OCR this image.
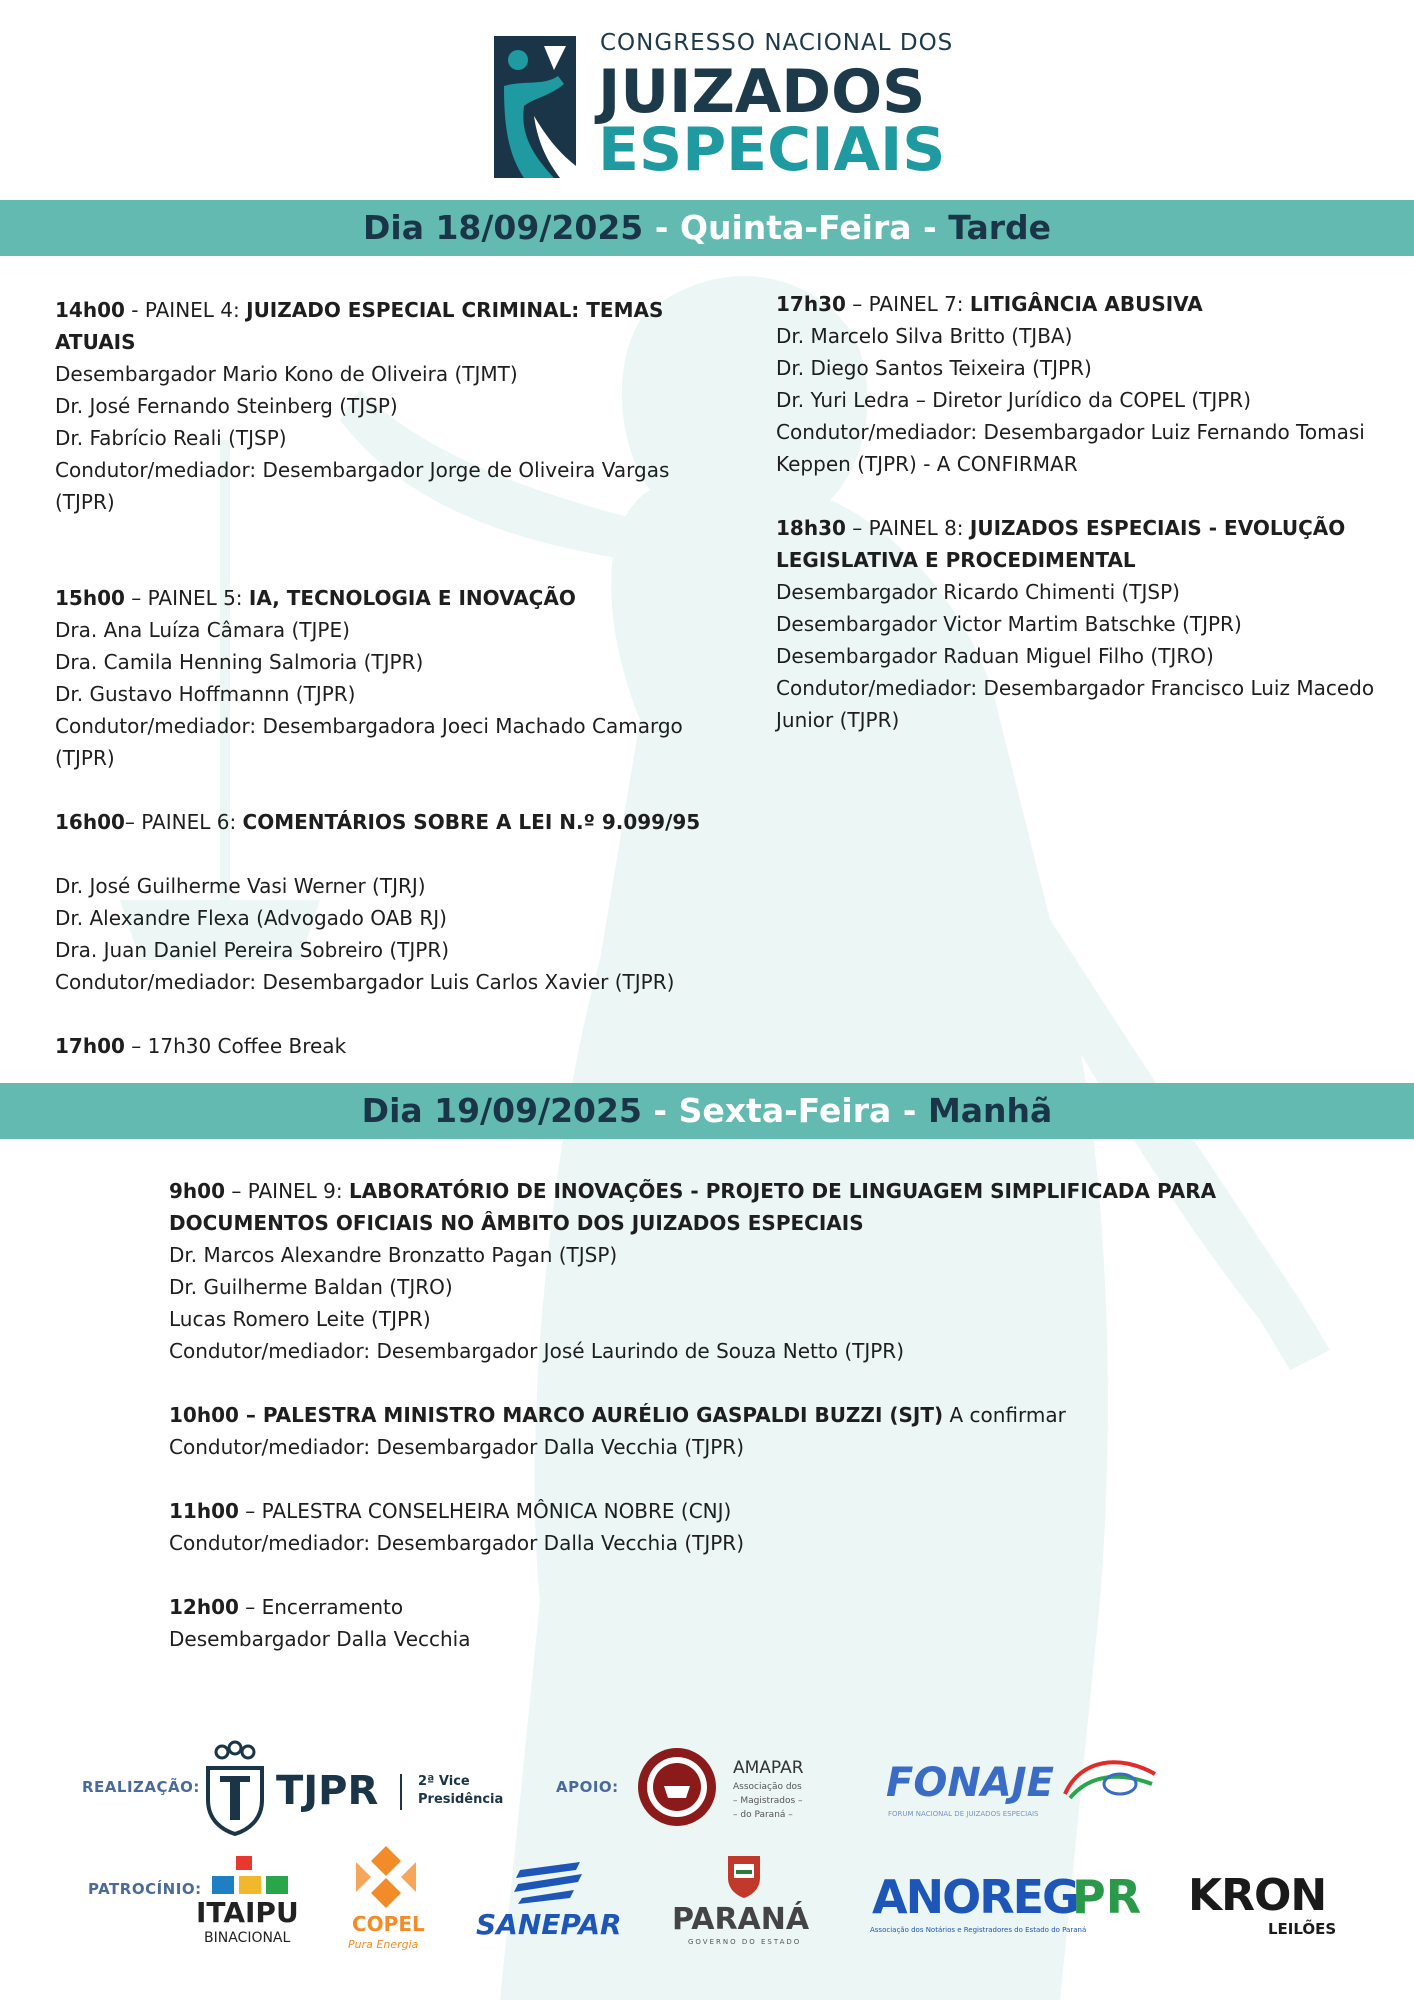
CONGRESSO NACIONAL DOS
JUIZADOS
ESPECIAIS
Dia 18/09/2025 - Quinta-Feira - Tarde

14h00 - PAINEL 4: JUIZADO ESPECIAL CRIMINAL: TEMAS

ATUAIS

Desembargador Mario Kono de Oliveira (TJMT)

Dr. José Fernando Steinberg (TJSP)

Dr. Fabrício Reali (TJSP)

Condutor/mediador: Desembargador Jorge de Oliveira Vargas

(TJPR)

15h00 – PAINEL 5: IA, TECNOLOGIA E INOVAÇÃO

Dra. Ana Luíza Câmara (TJPE)

Dra. Camila Henning Salmoria (TJPR)

Dr. Gustavo Hoffmannn (TJPR)

Condutor/mediador: Desembargadora Joeci Machado Camargo

(TJPR)

16h00– PAINEL 6: COMENTÁRIOS SOBRE A LEI N.º 9.099/95

Dr. José Guilherme Vasi Werner (TJRJ)

Dr. Alexandre Flexa (Advogado OAB RJ)

Dra. Juan Daniel Pereira Sobreiro (TJPR)

Condutor/mediador: Desembargador Luis Carlos Xavier (TJPR)

17h00 – 17h30 Coffee Break

17h30 – PAINEL 7: LITIGÂNCIA ABUSIVA

Dr. Marcelo Silva Britto (TJBA)

Dr. Diego Santos Teixeira (TJPR)

Dr. Yuri Ledra – Diretor Jurídico da COPEL (TJPR)

Condutor/mediador: Desembargador Luiz Fernando Tomasi

Keppen (TJPR) - A CONFIRMAR

18h30 – PAINEL 8: JUIZADOS ESPECIAIS - EVOLUÇÃO

LEGISLATIVA E PROCEDIMENTAL

Desembargador Ricardo Chimenti (TJSP)

Desembargador Victor Martim Batschke (TJPR)

Desembargador Raduan Miguel Filho (TJRO)

Condutor/mediador: Desembargador Francisco Luiz Macedo

Junior (TJPR)

Dia 19/09/2025 - Sexta-Feira - Manhã

9h00 – PAINEL 9: LABORATÓRIO DE INOVAÇÕES - PROJETO DE LINGUAGEM SIMPLIFICADA PARA

DOCUMENTOS OFICIAIS NO ÂMBITO DOS JUIZADOS ESPECIAIS

Dr. Marcos Alexandre Bronzatto Pagan (TJSP)

Dr. Guilherme Baldan (TJRO)

Lucas Romero Leite (TJPR)

Condutor/mediador: Desembargador José Laurindo de Souza Netto (TJPR)

10h00 – PALESTRA MINISTRO MARCO AURÉLIO GASPALDI BUZZI (SJT) A confirmar

Condutor/mediador: Desembargador Dalla Vecchia (TJPR)

11h00 – PALESTRA CONSELHEIRA MÔNICA NOBRE (CNJ)

Condutor/mediador: Desembargador Dalla Vecchia (TJPR)

12h00 – Encerramento

Desembargador Dalla Vecchia

REALIZAÇÃO:	APOIO:
PATROCÍNIO:
TJPR	2ª Vice
Presidência
AMAPAR
Associação dos
– Magistrados –
– do Paraná –
FONAJE
FORUM NACIONAL DE JUIZADOS ESPECIAIS
ITAIPU
BINACIONAL
COPEL
Pura Energia
SANEPAR PARANÁ
GOVERNO DO ESTADO
ANOREG
PR
Associação dos Notários e Registradores do Estado do Paraná
KRON
LEILÕES
